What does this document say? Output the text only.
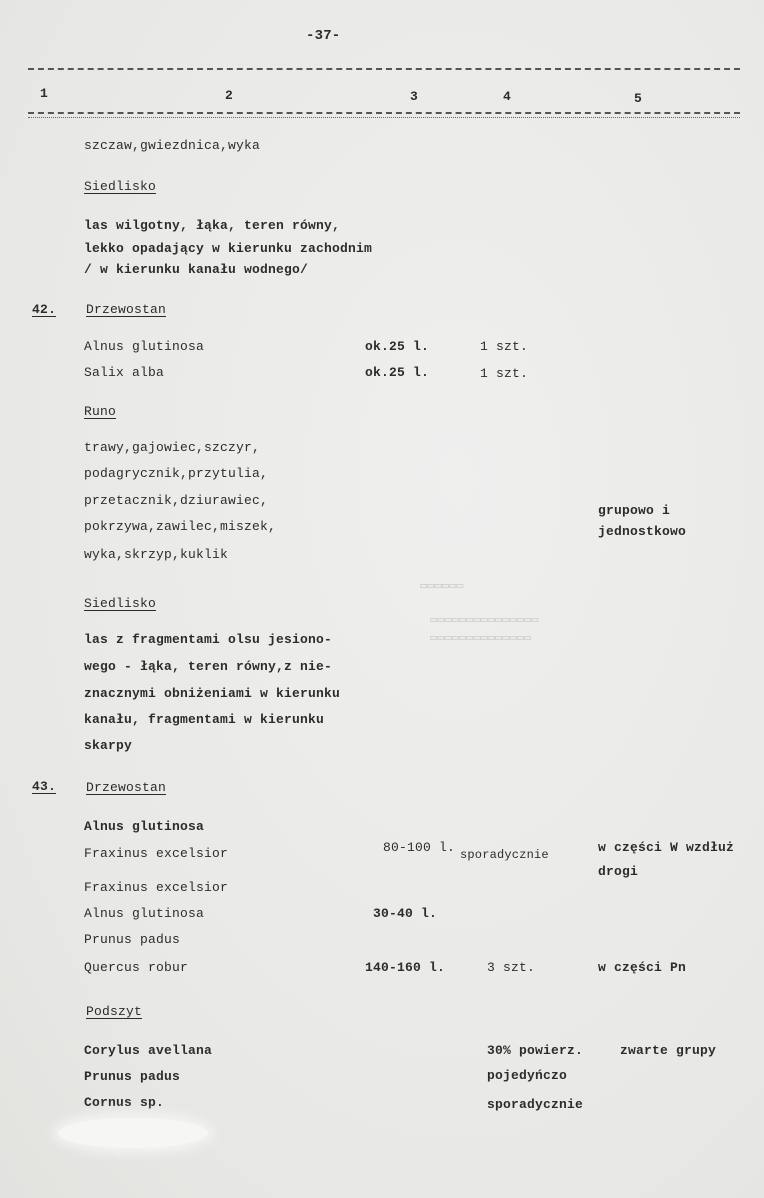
-37-
1	2	3	4	5
szczaw,gwiezdnica,wyka
Siedlisko
las wilgotny, łąka, teren równy,
lekko opadający w kierunku zachodnim
/ w kierunku kanału wodnego/
42. Drzewostan
Alnus glutinosa	ok.25 l.	1 szt.
Salix alba	ok.25 l.	1 szt.
Runo
trawy,gajowiec,szczyr,
podagrycznik,przytulia,
przetacznik,dziurawiec,
pokrzywa,zawilec,miszek,
wyka,skrzyp,kuklik
grupowo i
jednostkowo
▭▭▭▭▭▭
▭▭▭▭▭▭▭▭▭▭▭▭▭▭▭
▭▭▭▭▭▭▭▭▭▭▭▭▭▭
Siedlisko
las z fragmentami olsu jesiono-
wego - łąka, teren równy,z nie-
znacznymi obniżeniami w kierunku
kanału, fragmentami w kierunku
skarpy
43. Drzewostan
Alnus glutinosa
Fraxinus excelsior	80-100 l. sporadycznie	w części W wzdłuż
drogi
Fraxinus excelsior
Alnus glutinosa	30-40 l.
Prunus padus
Quercus robur	140-160 l.	3 szt.	w części Pn
Podszyt
Corylus avellana	30% powierz.	zwarte grupy
Prunus padus	pojedyńczo
Cornus sp.	sporadycznie
